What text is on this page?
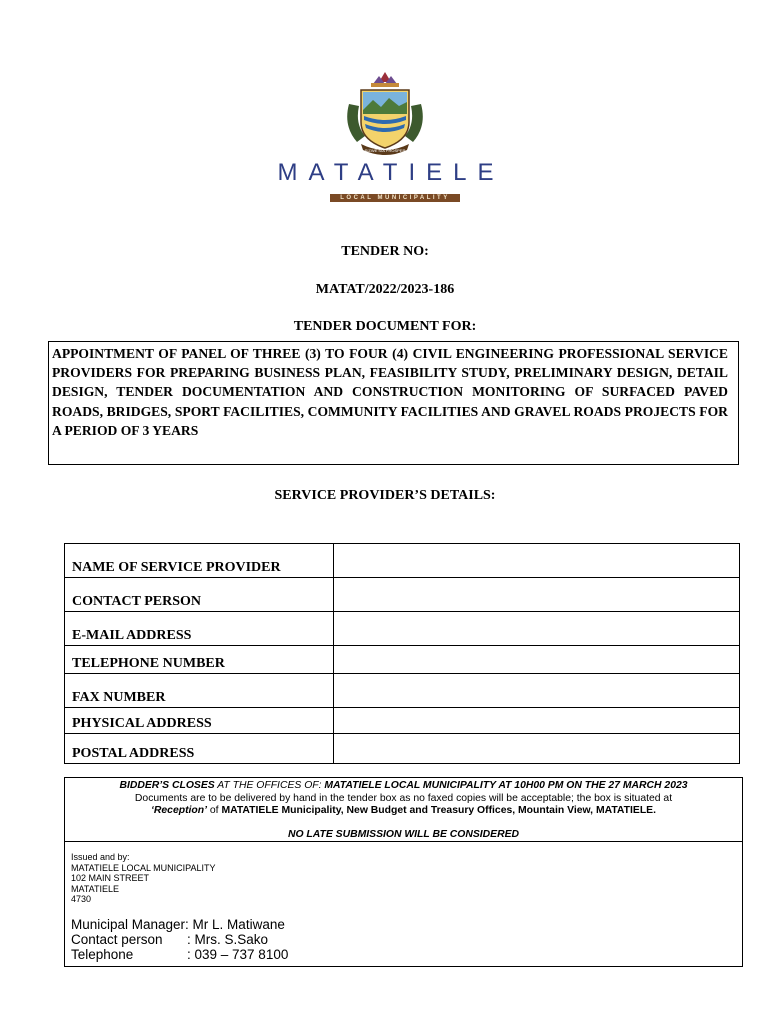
SIZWE SIA PROSPER
MATATIELE
LOCAL MUNICIPALITY
TENDER NO:
MATAT/2022/2023-186
TENDER DOCUMENT FOR:
APPOINTMENT OF PANEL OF THREE (3) TO FOUR (4) CIVIL ENGINEERING PROFESSIONAL SERVICE PROVIDERS FOR PREPARING BUSINESS PLAN, FEASIBILITY STUDY, PRELIMINARY DESIGN, DETAIL DESIGN, TENDER DOCUMENTATION AND CONSTRUCTION MONITORING OF SURFACED PAVED ROADS, BRIDGES, SPORT FACILITIES, COMMUNITY FACILITIES AND GRAVEL ROADS PROJECTS FOR A PERIOD OF 3 YEARS
SERVICE PROVIDER’S DETAILS:
NAME OF SERVICE PROVIDER	
CONTACT PERSON	
E-MAIL ADDRESS	
TELEPHONE NUMBER	
FAX NUMBER	
PHYSICAL ADDRESS	
POSTAL ADDRESS	
BIDDER’S CLOSES AT THE OFFICES OF: MATATIELE LOCAL MUNICIPALITY AT 10H00 PM ON THE 27 MARCH 2023
Documents are to be delivered by hand in the tender box as no faxed copies will be acceptable; the box is situated at
‘Reception’ of MATATIELE Municipality, New Budget and Treasury Offices, Mountain View, MATATIELE.
NO LATE SUBMISSION WILL BE CONSIDERED
Issued and by:
MATATIELE LOCAL MUNICIPALITY
102 MAIN STREET
MATATIELE
4730
Municipal Manager: Mr L. Matiwane
Contact person : Mrs. S.Sako
Telephone	: 039 – 737 8100
